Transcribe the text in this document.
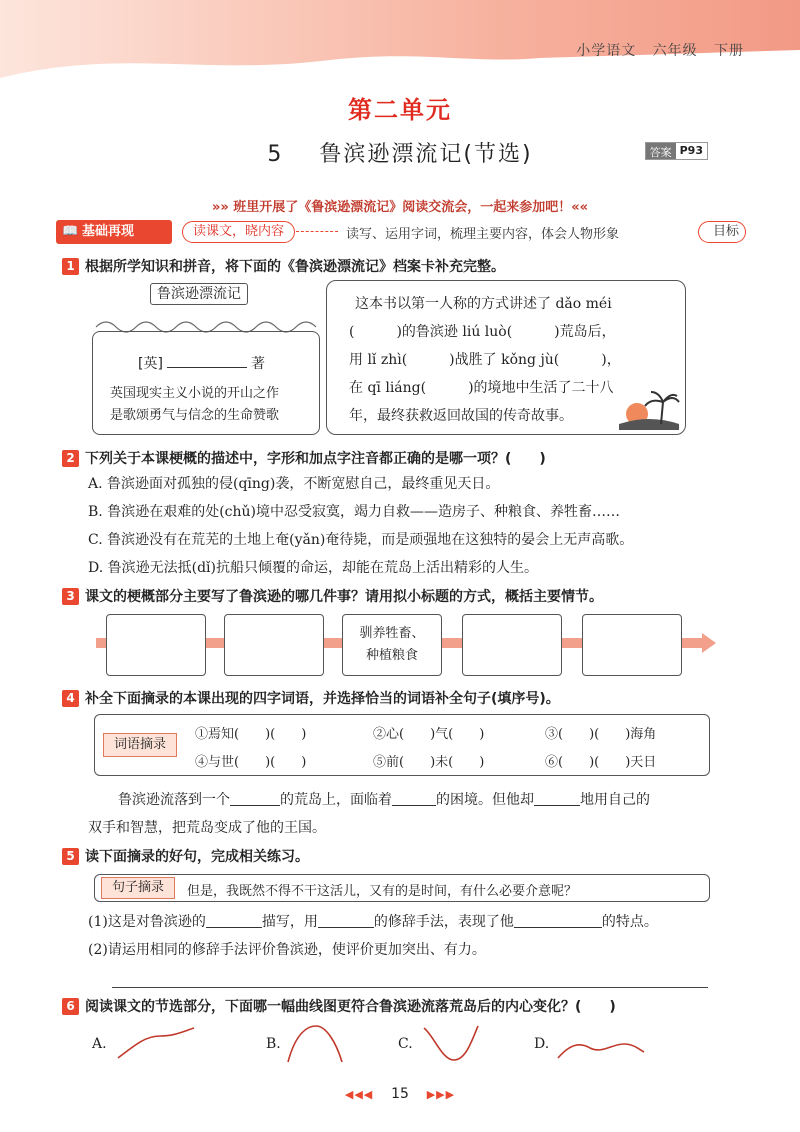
小学语文 六年级 下册
第二单元
5 鲁滨逊漂流记(节选)	答案 P93
»» 班里开展了《鲁滨逊漂流记》阅读交流会，一起来参加吧！««
📖 基础再现	读课文，晓内容	读写、运用字词，梳理主要内容，体会人物形象	目标
1 根据所学知识和拼音，将下面的《鲁滨逊漂流记》档案卡补充完整。
鲁滨逊漂流记
[英]	著
英国现实主义小说的开山之作
是歌颂勇气与信念的生命赞歌
这本书以第一人称的方式讲述了 dǎo méi
(　　　)的鲁滨逊 liú luò(　　　)荒岛后，
用 lǐ zhì(　　　)战胜了 kǒng jù(　　　)，
在 qī liáng(　　　)的境地中生活了二十八
年，最终获救返回故国的传奇故事。
2 下列关于本课梗概的描述中，字形和加点字注音都正确的是哪一项？(　　)
A. 鲁滨逊面对孤独的侵(qīng)袭，不断宽慰自己，最终重见天日。
B. 鲁滨逊在艰难的处(chǔ)境中忍受寂寞，竭力自救——造房子、种粮食、养牲畜……
C. 鲁滨逊没有在荒芜的土地上奄(yǎn)奄待毙，而是顽强地在这独特的晏会上无声高歌。
D. 鲁滨逊无法抵(dǐ)抗船只倾覆的命运，却能在荒岛上活出精彩的人生。
3 课文的梗概部分主要写了鲁滨逊的哪几件事？请用拟小标题的方式，概括主要情节。
驯养牲畜、
种植粮食
4 补全下面摘录的本课出现的四字词语，并选择恰当的词语补全句子(填序号)。
词语摘录
①焉知(　　)(　　)	②心(　　)气(　　)	③(　　)(　　)海角
④与世(　　)(　　)	⑤前(　　)未(　　)	⑥(　　)(　　)天日
鲁滨逊流落到一个	的荒岛上，面临着	的困境。但他却	地用自己的
双手和智慧，把荒岛变成了他的王国。
5 读下面摘录的好句，完成相关练习。
句子摘录	但是，我既然不得不干这活儿，又有的是时间，有什么必要介意呢？
(1)这是对鲁滨逊的	描写，用	的修辞手法，表现了他	的特点。
(2)请运用相同的修辞手法评价鲁滨逊，使评价更加突出、有力。
6 阅读课文的节选部分，下面哪一幅曲线图更符合鲁滨逊流落荒岛后的内心变化？(　　)
A.	B.	C.	D.
◀◀◀ 15 ▶▶▶
